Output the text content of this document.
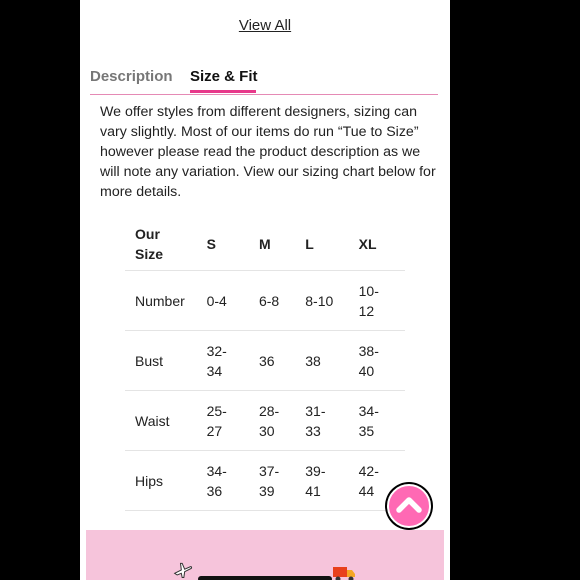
View All
Description Size & Fit
We offer styles from different designers, sizing can vary slightly. Most of our items do run “Tue to Size” however please read the product description as we will note any variation. View our sizing chart below for more details.
Our Size	S	M	L	XL
Number	0-4	6-8	8-10	10-12
Bust	32-34	36	38	38-40
Waist	25-27	28-30	31-33	34-35
Hips	34-36	37-39	39-41	42-44
